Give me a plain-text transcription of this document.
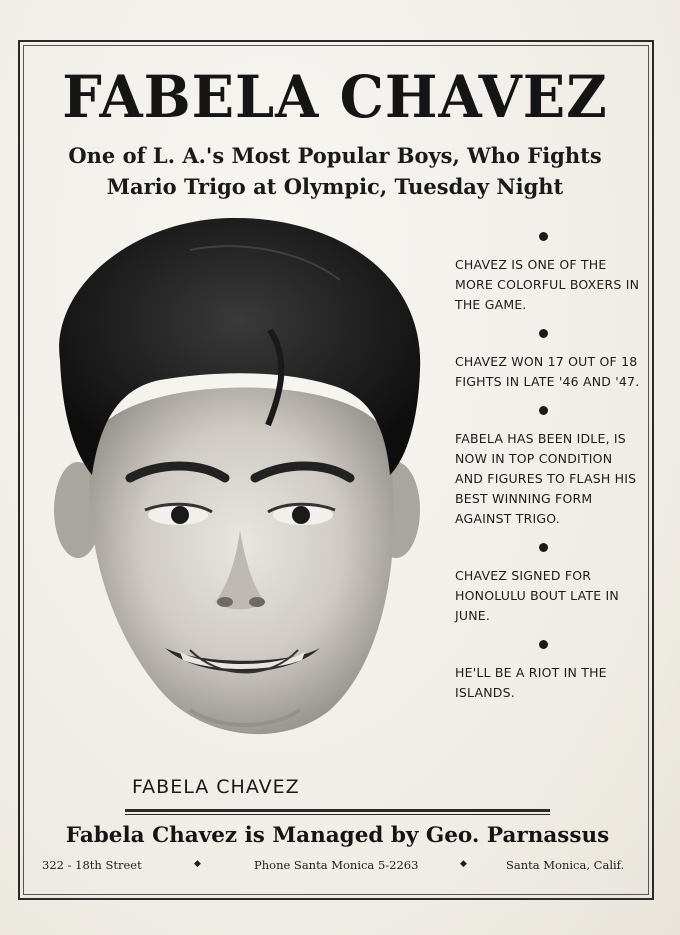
FABELA CHAVEZ
One of L. A.'s Most Popular Boys, Who Fights
Mario Trigo at Olympic, Tuesday Night
FABELA CHAVEZ
CHAVEZ IS ONE OF THE MORE COLORFUL BOXERS IN THE GAME.
CHAVEZ WON 17 OUT OF 18 FIGHTS IN LATE '46 AND '47.
FABELA HAS BEEN IDLE, IS NOW IN TOP CONDITION AND FIGURES TO FLASH HIS BEST WINNING FORM AGAINST TRIGO.
CHAVEZ SIGNED FOR HONOLULU BOUT LATE IN JUNE.
HE'LL BE A RIOT IN THE ISLANDS.
Fabela Chavez is Managed by Geo. Parnassus
322 - 18th Street	◆	Phone Santa Monica 5-2263	◆	Santa Monica, Calif.
